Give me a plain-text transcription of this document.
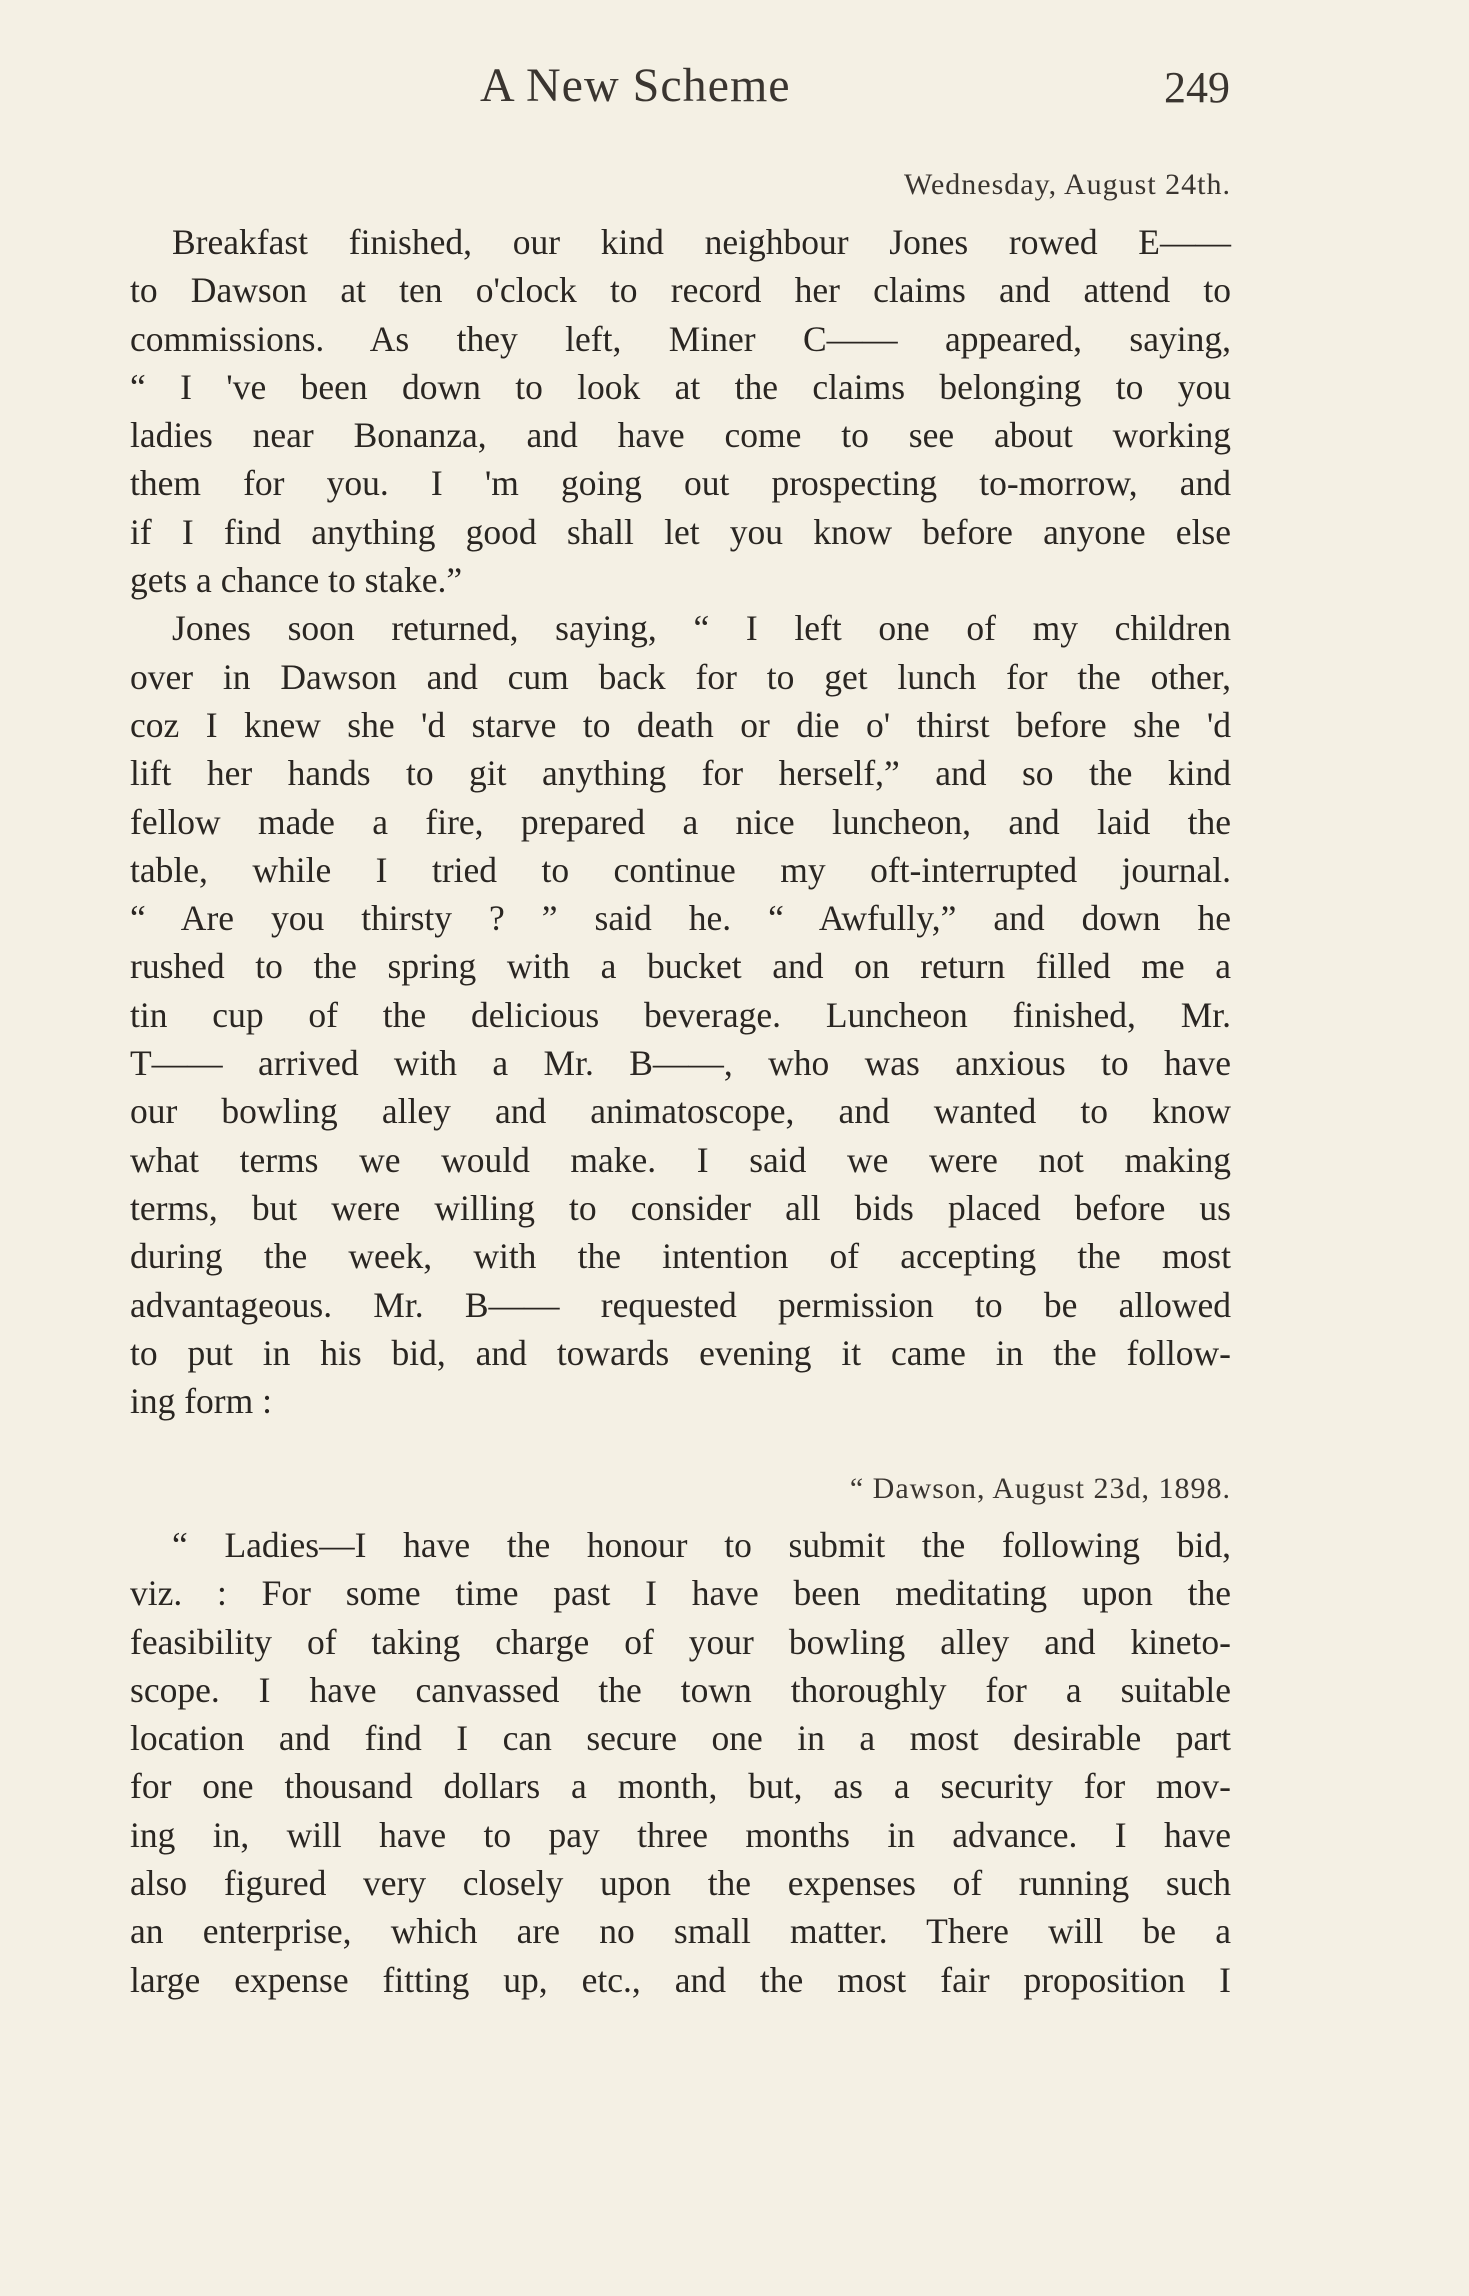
A New Scheme	249
Wednesday, August 24th.
Breakfast finished, our kind neighbour Jones rowed E——
to Dawson at ten o'clock to record her claims and attend to
commissions. As they left, Miner C—— appeared, saying,
“ I 've been down to look at the claims belonging to you
ladies near Bonanza, and have come to see about working
them for you. I 'm going out prospecting to-morrow, and
if I find anything good shall let you know before anyone else
gets a chance to stake.”
Jones soon returned, saying, “ I left one of my children
over in Dawson and cum back for to get lunch for the other,
coz I knew she 'd starve to death or die o' thirst before she 'd
lift her hands to git anything for herself,” and so the kind
fellow made a fire, prepared a nice luncheon, and laid the
table, while I tried to continue my oft-interrupted journal.
“ Are you thirsty ? ” said he. “ Awfully,” and down he
rushed to the spring with a bucket and on return filled me a
tin cup of the delicious beverage. Luncheon finished, Mr.
T—— arrived with a Mr. B——, who was anxious to have
our bowling alley and animatoscope, and wanted to know
what terms we would make. I said we were not making
terms, but were willing to consider all bids placed before us
during the week, with the intention of accepting the most
advantageous. Mr. B—— requested permission to be allowed
to put in his bid, and towards evening it came in the follow-
ing form :
“ Dawson, August 23d, 1898.
“ Ladies—I have the honour to submit the following bid,
viz. : For some time past I have been meditating upon the
feasibility of taking charge of your bowling alley and kineto-
scope. I have canvassed the town thoroughly for a suitable
location and find I can secure one in a most desirable part
for one thousand dollars a month, but, as a security for mov-
ing in, will have to pay three months in advance. I have
also figured very closely upon the expenses of running such
an enterprise, which are no small matter. There will be a
large expense fitting up, etc., and the most fair proposition I
